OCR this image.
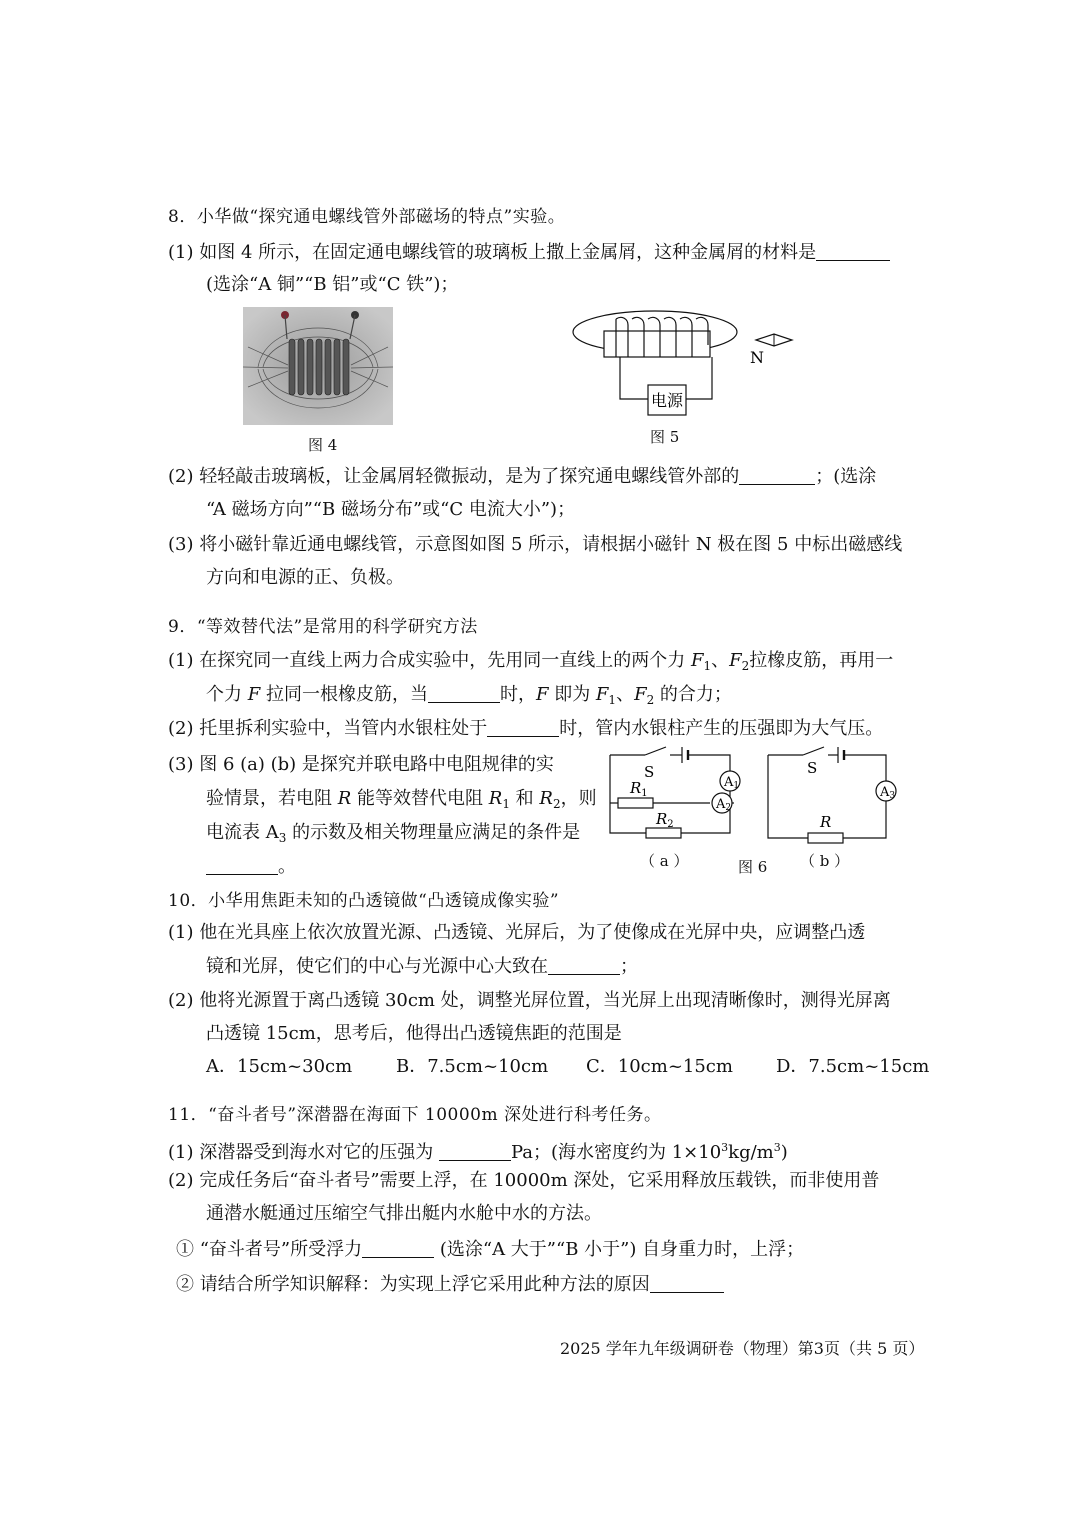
8．小华做“探究通电螺线管外部磁场的特点”实验。
(1) 如图 4 所示，在固定通电螺线管的玻璃板上撒上金属屑，这种金属屑的材料是
(选涂“A 铜”“B 铝”或“C 铁”)；
图 4
电源
N
图 5
(2) 轻轻敲击玻璃板，让金属屑轻微振动，是为了探究通电螺线管外部的	；(选涂
“A 磁场方向”“B 磁场分布”或“C 电流大小”)；
(3) 将小磁针靠近通电螺线管，示意图如图 5 所示，请根据小磁针 N 极在图 5 中标出磁感线
方向和电源的正、负极。
9．“等效替代法”是常用的科学研究方法
(1) 在探究同一直线上两力合成实验中，先用同一直线上的两个力 $F_1$、$F_2$拉橡皮筋，再用一
个力 F 拉同一根橡皮筋，当	时，F 即为 $F_1$、$F_2$ 的合力；
(2) 托里拆利实验中，当管内水银柱处于	时，管内水银柱产生的压强即为大气压。
(3) 图 6 (a) (b) 是探究并联电路中电阻规律的实
验情景，若电阻 R 能等效替代电阻 $R_1$ 和 $R_2$，则
电流表 $A_3$ 的示数及相关物理量应满足的条件是
。
A1
A2
A3
S	S
$R_1$
$R_2$	R
（ a ）	图 6 （ b ）
10．小华用焦距未知的凸透镜做“凸透镜成像实验”
(1) 他在光具座上依次放置光源、凸透镜、光屏后，为了使像成在光屏中央，应调整凸透
镜和光屏，使它们的中心与光源中心大致在	；
(2) 他将光源置于离凸透镜 30cm 处，调整光屏位置，当光屏上出现清晰像时，测得光屏离
凸透镜 15cm，思考后，他得出凸透镜焦距的范围是
A．15cm~30cm B．7.5cm~10cm C．10cm~15cm D．7.5cm~15cm
11．“奋斗者号”深潜器在海面下 10000m 深处进行科考任务。
(1) 深潜器受到海水对它的压强为	Pa；(海水密度约为 $1\times 10^3kg/m^3$)
(2) 完成任务后“奋斗者号”需要上浮，在 10000m 深处，它采用释放压载铁，而非使用普
通潜水艇通过压缩空气排出艇内水舱中水的方法。
① “奋斗者号”所受浮力	(选涂“A 大于”“B 小于”) 自身重力时，上浮；
② 请结合所学知识解释：为实现上浮它采用此种方法的原因
2025 学年九年级调研卷（物理）第3页（共 5 页）
